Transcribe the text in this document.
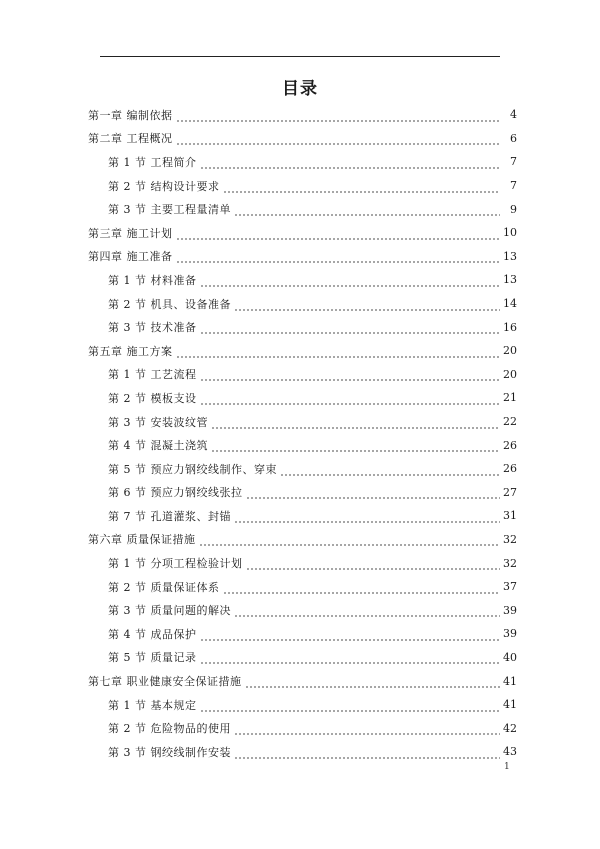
目录
第一章 编制依据	4
第二章 工程概况	6
第 1 节 工程简介	7
第 2 节 结构设计要求	7
第 3 节 主要工程量清单	9
第三章 施工计划	10
第四章 施工准备	13
第 1 节 材料准备	13
第 2 节 机具、设备准备	14
第 3 节 技术准备	16
第五章 施工方案	20
第 1 节 工艺流程	20
第 2 节 模板支设	21
第 3 节 安装波纹管	22
第 4 节 混凝土浇筑	26
第 5 节 预应力钢绞线制作、穿束	26
第 6 节 预应力钢绞线张拉	27
第 7 节 孔道灌浆、封锚	31
第六章 质量保证措施	32
第 1 节 分项工程检验计划	32
第 2 节 质量保证体系	37
第 3 节 质量问题的解决	39
第 4 节 成品保护	39
第 5 节 质量记录	40
第七章 职业健康安全保证措施	41
第 1 节 基本规定	41
第 2 节 危险物品的使用	42
第 3 节 钢绞线制作安装	43
1
